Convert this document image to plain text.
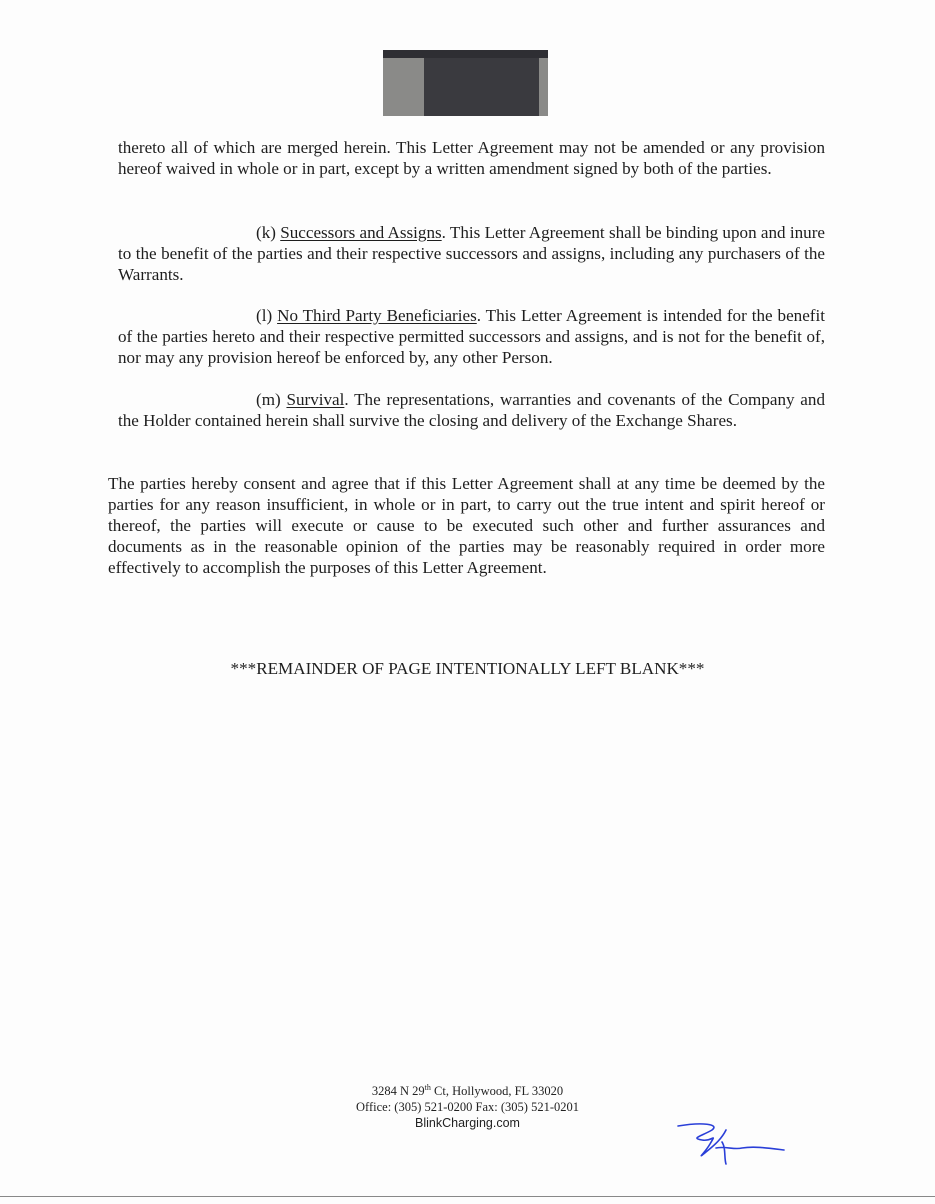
thereto all of which are merged herein. This Letter Agreement may not be amended or any provision hereof waived in whole or in part, except by a written amendment signed by both of the parties.

(k) Successors and Assigns. This Letter Agreement shall be binding upon and inure to the benefit of the parties and their respective successors and assigns, including any purchasers of the Warrants.

(l) No Third Party Beneficiaries. This Letter Agreement is intended for the benefit of the parties hereto and their respective permitted successors and assigns, and is not for the benefit of, nor may any provision hereof be enforced by, any other Person.

(m) Survival. The representations, warranties and covenants of the Company and the Holder contained herein shall survive the closing and delivery of the Exchange Shares.

The parties hereby consent and agree that if this Letter Agreement shall at any time be deemed by the parties for any reason insufficient, in whole or in part, to carry out the true intent and spirit hereof or thereof, the parties will execute or cause to be executed such other and further assurances and documents as in the reasonable opinion of the parties may be reasonably required in order more effectively to accomplish the purposes of this Letter Agreement.

***REMAINDER OF PAGE INTENTIONALLY LEFT BLANK***
3284 N 29th Ct, Hollywood, FL 33020
Office: (305) 521-0200 Fax: (305) 521-0201
BlinkCharging.com
